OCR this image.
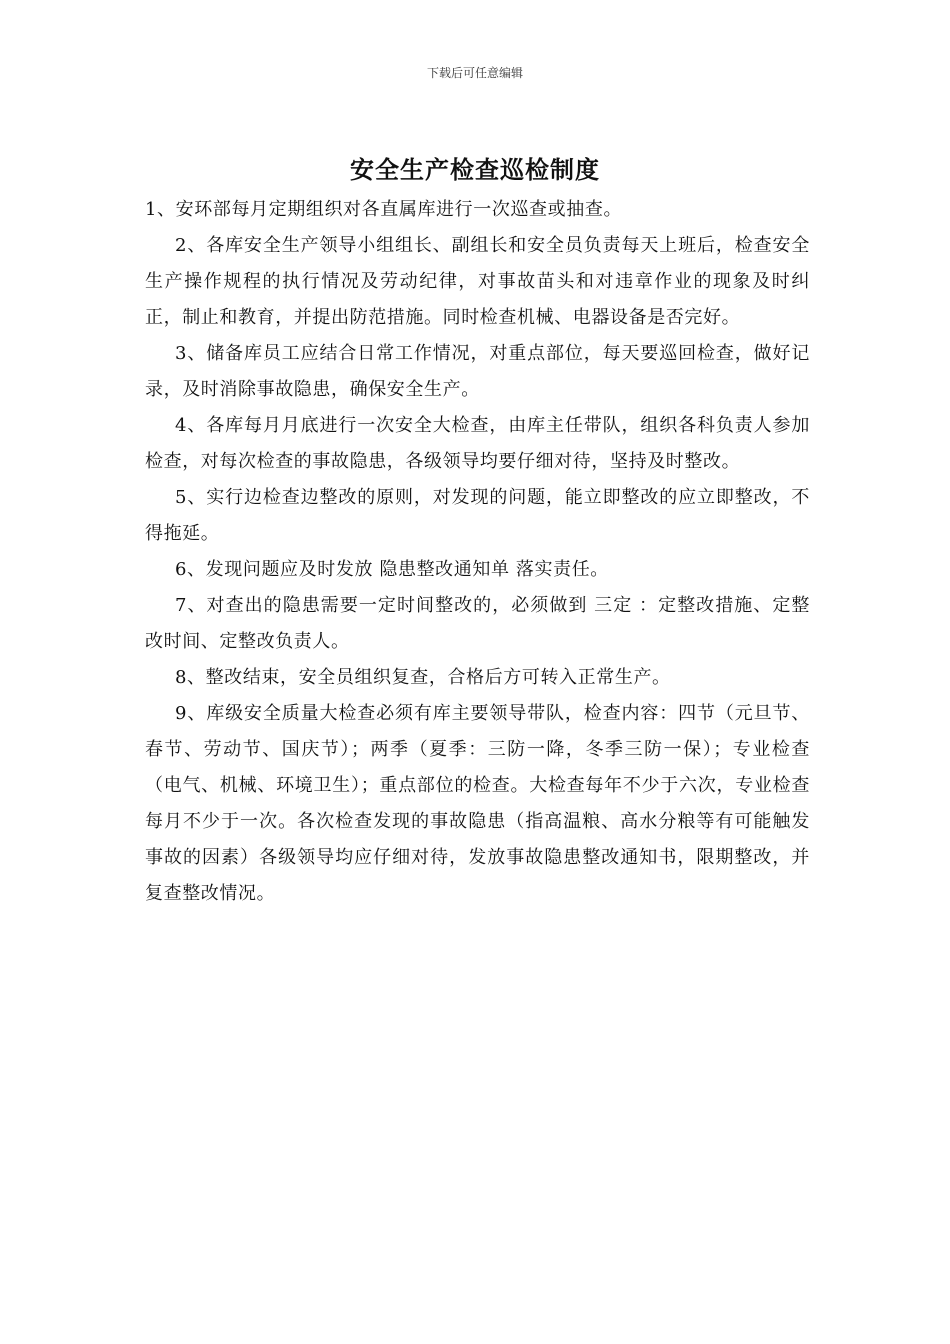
下载后可任意编辑
安全生产检查巡检制度

1、安环部每月定期组织对各直属库进行一次巡查或抽查。

2、各库安全生产领导小组组长、副组长和安全员负责每天上班后，检查安全生产操作规程的执行情况及劳动纪律，对事故苗头和对违章作业的现象及时纠正，制止和教育，并提出防范措施。同时检查机械、电器设备是否完好。

3、储备库员工应结合日常工作情况，对重点部位，每天要巡回检查，做好记录，及时消除事故隐患，确保安全生产。

4、各库每月月底进行一次安全大检查，由库主任带队，组织各科负责人参加检查，对每次检查的事故隐患，各级领导均要仔细对待，坚持及时整改。

5、实行边检查边整改的原则，对发现的问题，能立即整改的应立即整改，不得拖延。

6、发现问题应及时发放 隐患整改通知单 落实责任。

7、对查出的隐患需要一定时间整改的，必须做到 三定 ：定整改措施、定整改时间、定整改负责人。

8、整改结束，安全员组织复查，合格后方可转入正常生产。

9、库级安全质量大检查必须有库主要领导带队，检查内容：四节（元旦节、春节、劳动节、国庆节）；两季（夏季：三防一降，冬季三防一保）；专业检查（电气、机械、环境卫生）；重点部位的检查。大检查每年不少于六次，专业检查每月不少于一次。各次检查发现的事故隐患（指高温粮、高水分粮等有可能触发事故的因素）各级领导均应仔细对待，发放事故隐患整改通知书，限期整改，并复查整改情况。
